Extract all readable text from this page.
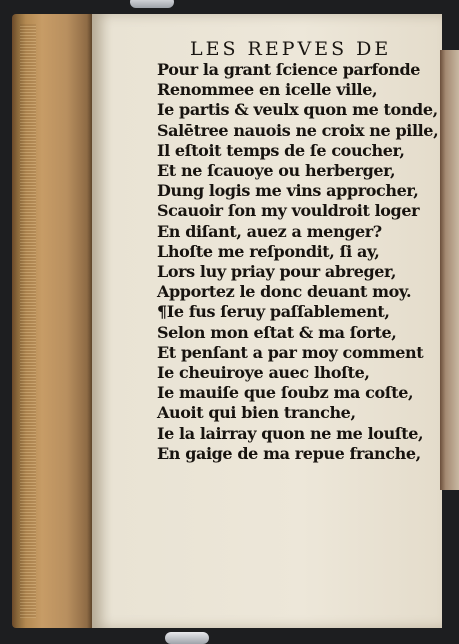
LES REPVES DE
Pour la grant ſcience parfonde
Renommee en icelle ville,
Ie partis & veulx quon me tonde,
Salētree nauois ne croix ne pille,
Il eſtoit temps de ſe coucher,
Et ne ſcauoye ou herberger,
Dung logis me vins approcher,
Scauoir ſon my vouldroit loger
En diſant, auez a menger?
Lhoſte me reſpondit, ſi ay,
Lors luy priay pour abreger,
Apportez le donc deuant moy.
¶Ie fus ſeruy paſſablement,
Selon mon eſtat & ma ſorte,
Et penſant a par moy comment
Ie cheuiroye auec lhoſte,
Ie mauiſe que ſoubz ma coſte,
Auoit qui bien tranche,
Ie la lairray quon ne me louſte,
En gaige de ma repue franche,
